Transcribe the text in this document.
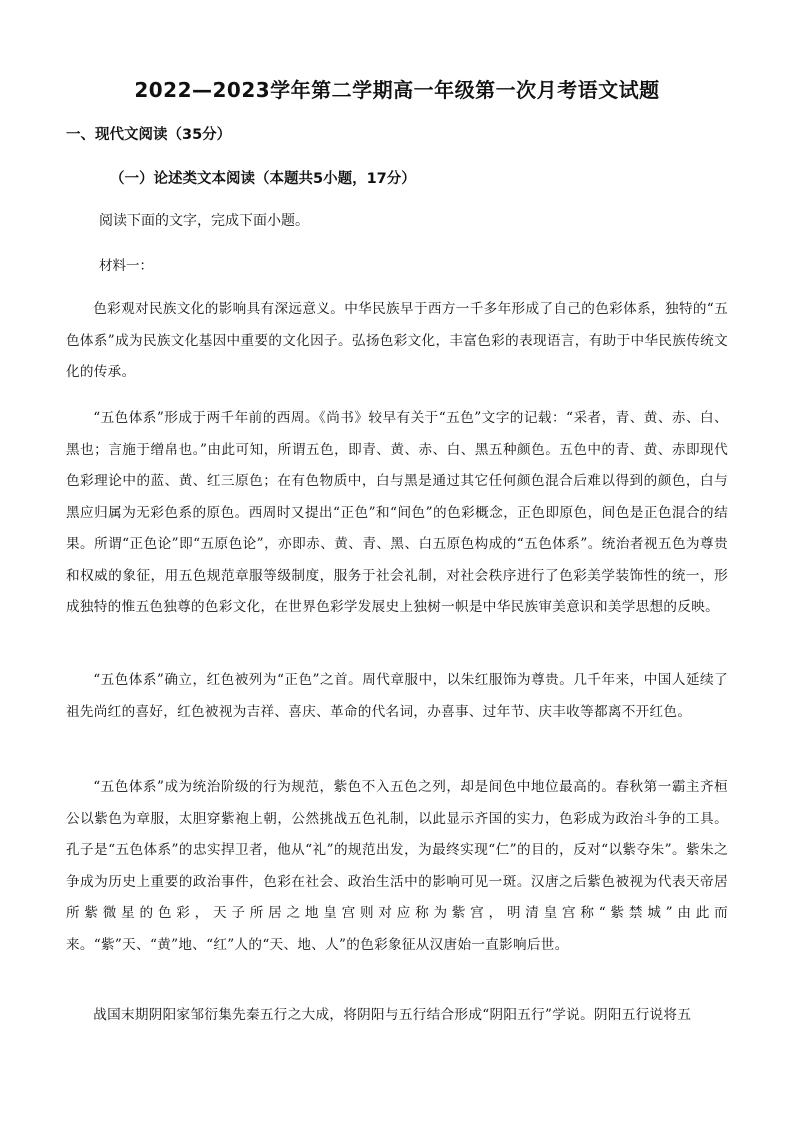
2022—2023学年第二学期高一年级第一次月考语文试题
一、现代文阅读（35分）
（一）论述类文本阅读（本题共5小题，17分）

阅读下面的文字，完成下面小题。

材料一：

色彩观对民族文化的影响具有深远意义。中华民族早于西方一千多年形成了自己的色彩体系，独特的“五色体系”成为民族文化基因中重要的文化因子。弘扬色彩文化，丰富色彩的表现语言，有助于中华民族传统文化的传承。

“五色体系”形成于两千年前的西周。《尚书》较早有关于“五色”文字的记载：“采者，青、黄、赤、白、黑也；言施于缯帛也。”由此可知，所谓五色，即青、黄、赤、白、黑五种颜色。五色中的青、黄、赤即现代色彩理论中的蓝、黄、红三原色；在有色物质中，白与黑是通过其它任何颜色混合后难以得到的颜色，白与黑应归属为无彩色系的原色。西周时又提出“正色”和“间色”的色彩概念，正色即原色，间色是正色混合的结果。所谓“正色论”即“五原色论”，亦即赤、黄、青、黑、白五原色构成的“五色体系”。统治者视五色为尊贵和权威的象征，用五色规范章服等级制度，服务于社会礼制，对社会秩序进行了色彩美学装饰性的统一，形成独特的惟五色独尊的色彩文化，在世界色彩学发展史上独树一帜是中华民族审美意识和美学思想的反映。

“五色体系”确立，红色被列为“正色”之首。周代章服中，以朱红服饰为尊贵。几千年来，中国人延续了祖先尚红的喜好，红色被视为吉祥、喜庆、革命的代名词，办喜事、过年节、庆丰收等都离不开红色。

“五色体系”成为统治阶级的行为规范，紫色不入五色之列，却是间色中地位最高的。春秋第一霸主齐桓公以紫色为章服，太胆穿紫袍上朝，公然挑战五色礼制，以此显示齐国的实力，色彩成为政治斗争的工具。孔子是“五色体系”的忠实捍卫者，他从“礼”的规范出发，为最终实现“仁”的目的，反对“以紫夺朱”。紫朱之争成为历史上重要的政治事件，色彩在社会、政治生活中的影响可见一斑。汉唐之后紫色被视为代表天帝居所紫微星的色彩，天子所居之地皇宫则对应称为紫宫，明清皇宫称“紫禁城”由此而来。“紫”天、“黄”地、“红”人的“天、地、人”的色彩象征从汉唐始一直影响后世。

战国末期阴阳家邹衍集先秦五行之大成，将阴阳与五行结合形成“阴阳五行”学说。阴阳五行说将五
